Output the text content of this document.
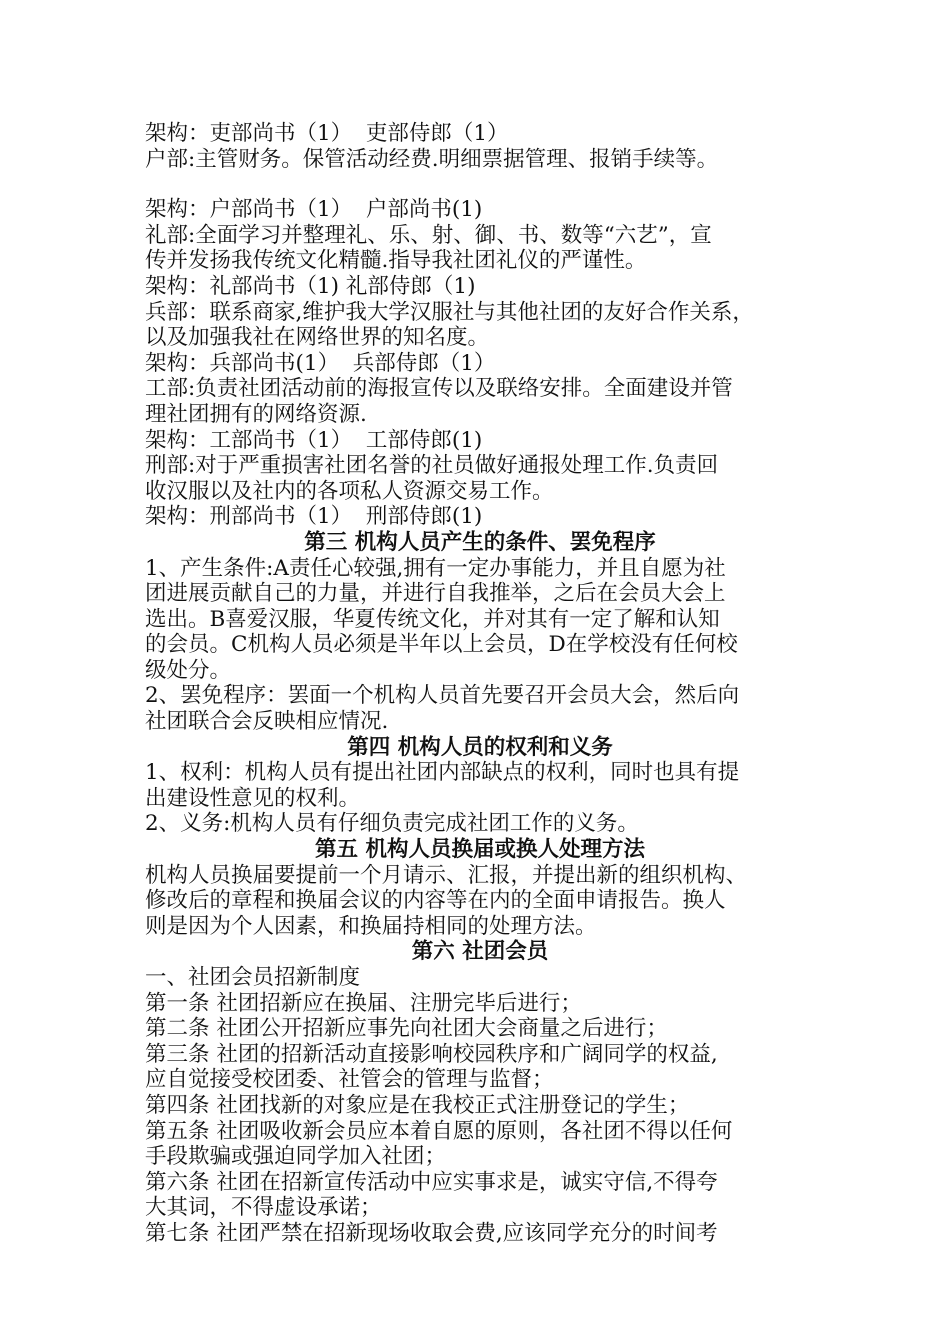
架构：吏部尚书（1）  吏部侍郎（1）

户部:主管财务。保管活动经费.明细票据管理、报销手续等。

架构：户部尚书（1）  户部尚书(1)

礼部:全面学习并整理礼、乐、射、御、书、数等“六艺”，宣

传并发扬我传统文化精髓.指导我社团礼仪的严谨性。

架构：礼部尚书（1) 礼部侍郎（1)

兵部：联系商家,维护我大学汉服社与其他社团的友好合作关系，

以及加强我社在网络世界的知名度。

架构：兵部尚书(1）  兵部侍郎（1）

工部:负责社团活动前的海报宣传以及联络安排。全面建设并管

理社团拥有的网络资源.

架构：工部尚书（1）  工部侍郎(1)

刑部:对于严重损害社团名誉的社员做好通报处理工作.负责回

收汉服以及社内的各项私人资源交易工作。

架构：刑部尚书（1）  刑部侍郎(1)

第三 机构人员产生的条件、罢免程序

1、产生条件:A责任心较强,拥有一定办事能力，并且自愿为社

团进展贡献自己的力量，并进行自我推举，之后在会员大会上

选出。B喜爱汉服，华夏传统文化，并对其有一定了解和认知

的会员。C机构人员必须是半年以上会员，D在学校没有任何校

级处分。

2、罢免程序：罢面一个机构人员首先要召开会员大会，然后向

社团联合会反映相应情况.

第四 机构人员的权利和义务

1、权利：机构人员有提出社团内部缺点的权利，同时也具有提

出建设性意见的权利。

2、义务:机构人员有仔细负责完成社团工作的义务。

第五 机构人员换届或换人处理方法

机构人员换届要提前一个月请示、汇报，并提出新的组织机构、

修改后的章程和换届会议的内容等在内的全面申请报告。换人

则是因为个人因素，和换届持相同的处理方法。

第六 社团会员

一、社团会员招新制度

第一条 社团招新应在换届、注册完毕后进行；

第二条 社团公开招新应事先向社团大会商量之后进行；

第三条 社团的招新活动直接影响校园秩序和广阔同学的权益,

应自觉接受校团委、社管会的管理与监督；

第四条 社团找新的对象应是在我校正式注册登记的学生；

第五条 社团吸收新会员应本着自愿的原则，各社团不得以任何

手段欺骗或强迫同学加入社团；

第六条 社团在招新宣传活动中应实事求是，诚实守信,不得夸

大其词，不得虚设承诺；

第七条 社团严禁在招新现场收取会费,应该同学充分的时间考
